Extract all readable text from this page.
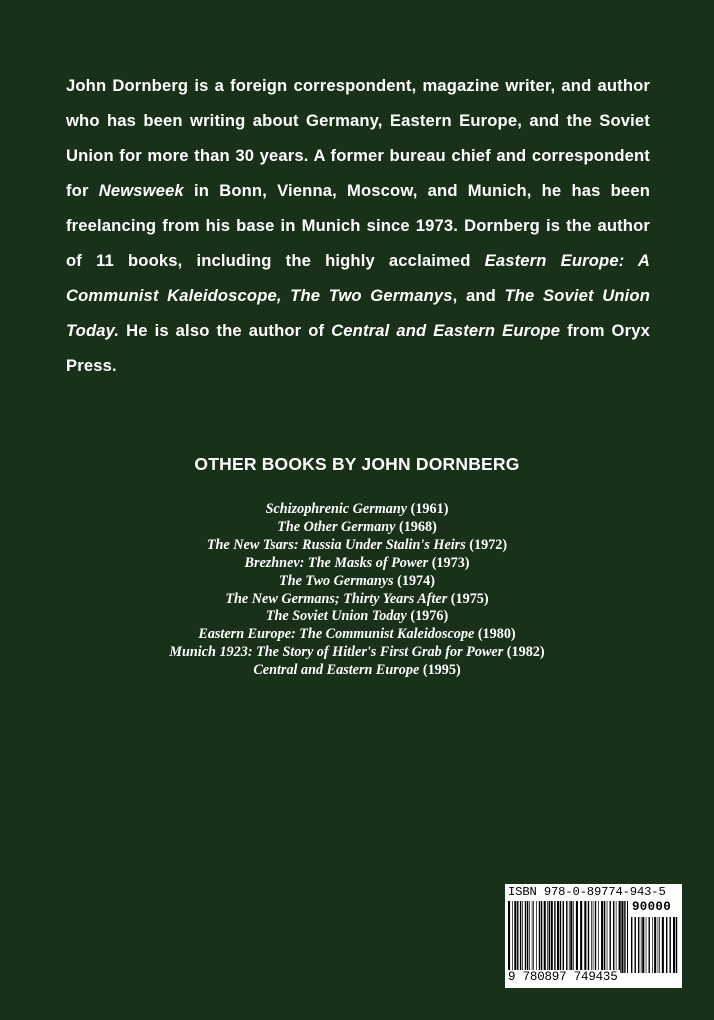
John Dornberg is a foreign correspondent, magazine writer, and author who has been writing about Germany, Eastern Europe, and the Soviet Union for more than 30 years. A former bureau chief and correspondent for Newsweek in Bonn, Vienna, Moscow, and Munich, he has been freelancing from his base in Munich since 1973. Dornberg is the author of 11 books, including the highly acclaimed Eastern Europe: A Communist Kaleidoscope, The Two Germanys, and The Soviet Union Today. He is also the author of Central and Eastern Europe from Oryx Press.

OTHER BOOKS BY JOHN DORNBERG
Schizophrenic Germany (1961)
The Other Germany (1968)
The New Tsars: Russia Under Stalin's Heirs (1972)
Brezhnev: The Masks of Power (1973)
The Two Germanys (1974)
The New Germans; Thirty Years After (1975)
The Soviet Union Today (1976)
Eastern Europe: The Communist Kaleidoscope (1980)
Munich 1923: The Story of Hitler's First Grab for Power (1982)
Central and Eastern Europe (1995)
ISBN 978-0-89774-943-5
90000
9 780897 749435
